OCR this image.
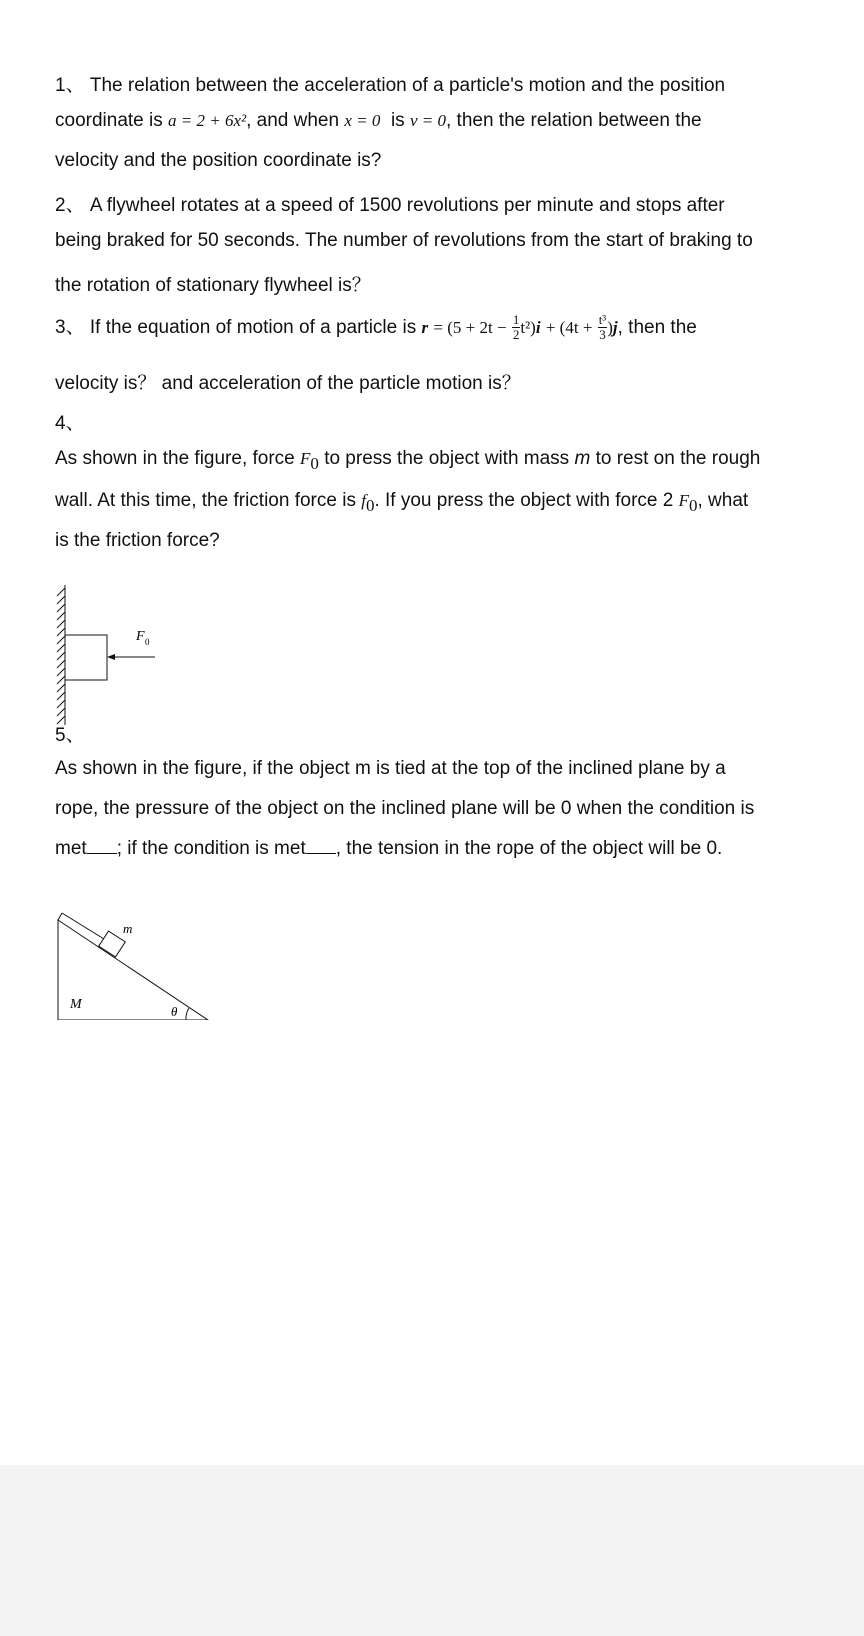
1、 The relation between the acceleration of a particle's motion and the position
coordinate is a = 2 + 6x², and when x = 0 is v = 0, then the relation between the
velocity and the position coordinate is?
2、 A flywheel rotates at a speed of 1500 revolutions per minute and stops after
being braked for 50 seconds. The number of revolutions from the start of braking to
the rotation of stationary flywheel is？
3、 If the equation of motion of a particle is $r = (5 + 2t - \frac{1}{2} t^2)i + (4t + \frac{\text{t³}}{3} )j$, then the
velocity is？ and acceleration of the particle motion is？
4、
As shown in the figure, force $F_0$ to press the object with mass m to rest on the rough
wall. At this time, the friction force is $f_0$. If you press the object with force 2 $F_0$, what
is the friction force?
F 0
5、
As shown in the figure, if the object m is tied at the top of the inclined plane by a
rope, the pressure of the object on the inclined plane will be 0 when the condition is
met ; if the condition is met , the tension in the rope of the object will be 0.
m
M	θ
